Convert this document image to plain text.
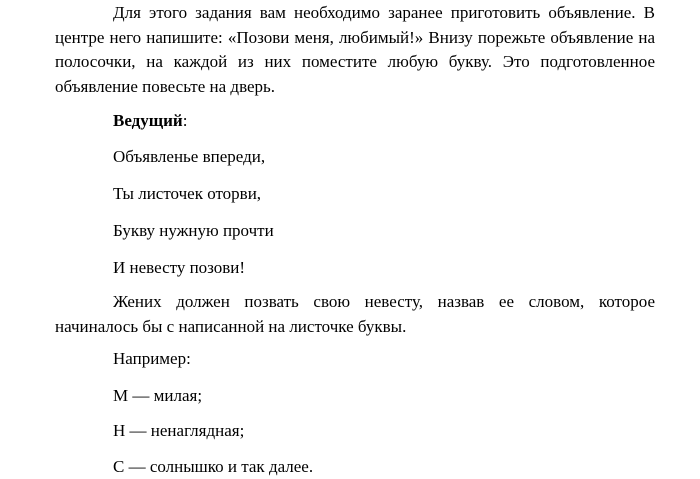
Для этого задания вам необходимо заранее приготовить объявление. В центре него напишите: «Позови меня, любимый!» Внизу порежьте объявление на полосочки, на каждой из них поместите любую букву. Это подготовленное объявление повесьте на дверь.

Ведущий:

Объявленье впереди,

Ты листочек оторви,

Букву нужную прочти

И невесту позови!

Жених должен позвать свою невесту, назвав ее словом, которое начиналось бы с написанной на листочке буквы.

Например:

М — милая;

Н — ненаглядная;

С — солнышко и так далее.
